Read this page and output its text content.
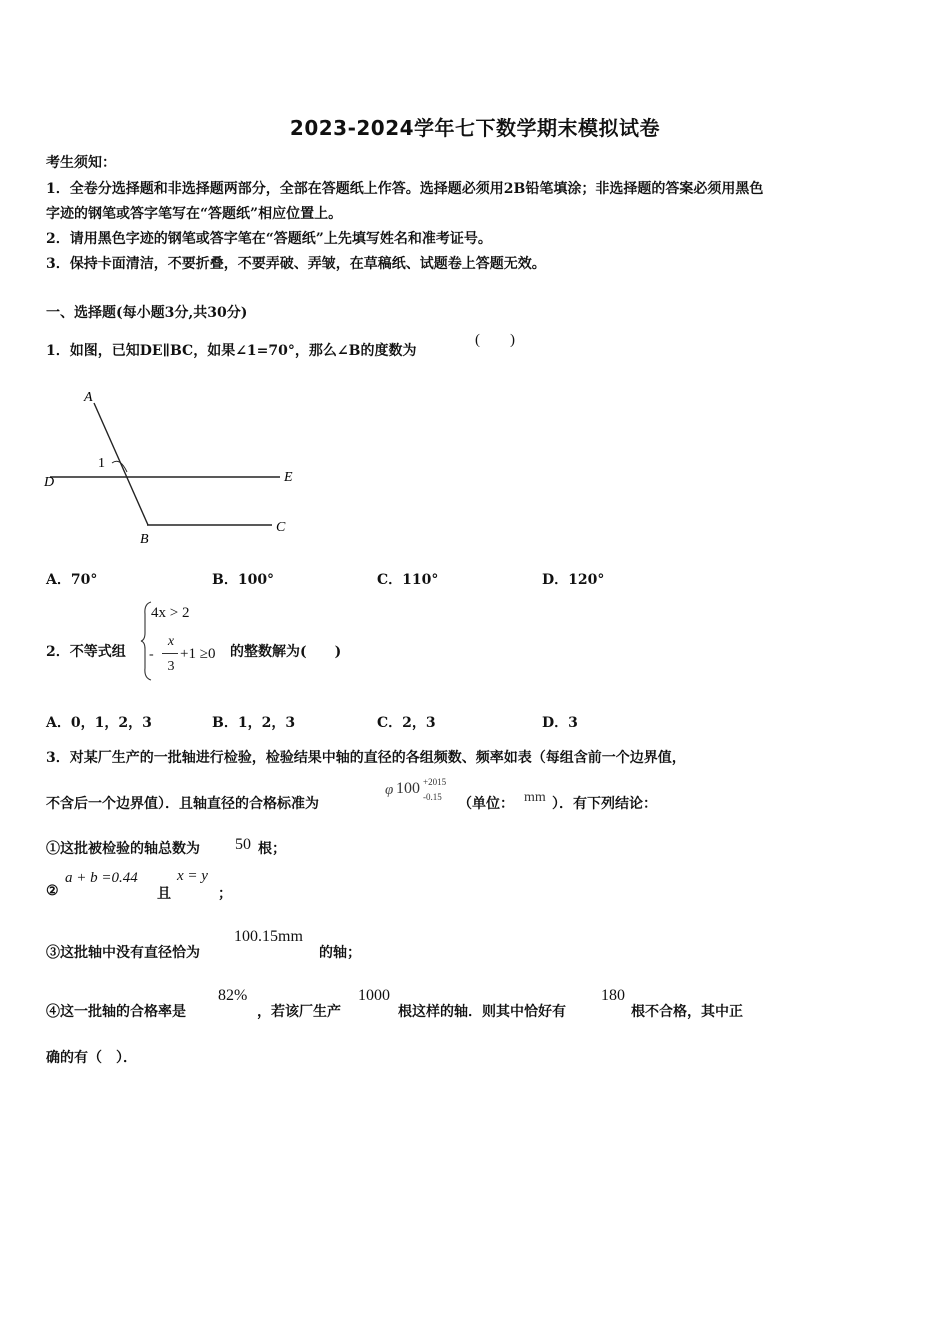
2023-2024学年七下数学期末模拟试卷
考生须知：
1．全卷分选择题和非选择题两部分，全部在答题纸上作答。选择题必须用2B铅笔填涂；非选择题的答案必须用黑色
字迹的钢笔或答字笔写在“答题纸”相应位置上。
2．请用黑色字迹的钢笔或答字笔在“答题纸”上先填写姓名和准考证号。
3．保持卡面清洁，不要折叠，不要弄破、弄皱，在草稿纸、试题卷上答题无效。
一、选择题(每小题3分,共30分)
1．如图，已知DE∥BC，如果∠1=70°，那么∠B的度数为
(　　)
A
1
D	E
B
C
A．70°	B．100°	C．110°	D．120°
2．不等式组
4x > 2
-
x
3
+1 ≥0 的整数解为(　　)
A．0，1，2，3	B．1，2，3	C．2，3	D．3
3．对某厂生产的一批轴进行检验，检验结果中轴的直径的各组频数、频率如表（每组含前一个边界值，
不含后一个边界值）．且轴直径的合格标准为
φ 100 +2015
-0.15 （单位： mm ）．有下列结论：
①这批被检验的轴总数为 50 根；
②
a + b =0.44
且
x = y
；
③这批轴中没有直径恰为
100.15mm
的轴；
④这一批轴的合格率是
82%
，若该厂生产
1000
根这样的轴．则其中恰好有
180
根不合格，其中正
确的有（　）．
